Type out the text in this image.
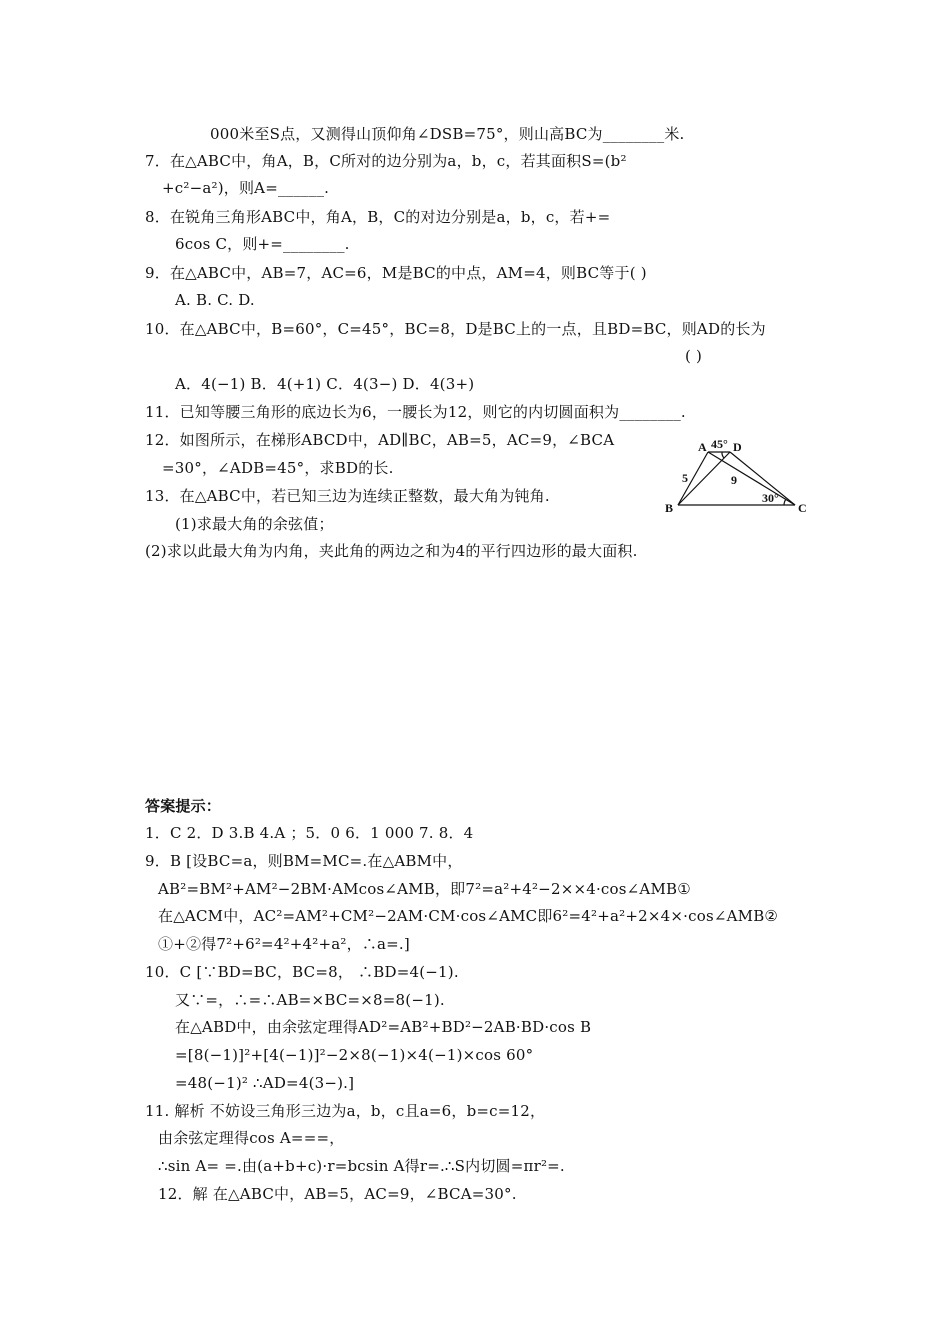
000米至S点，又测得山顶仰角∠DSB=75°，则山高BC为________米.
7．在△ABC中，角A，B，C所对的边分别为a，b，c，若其面积S=(b²
+c²−a²)，则A=______.
8．在锐角三角形ABC中，角A，B，C的对边分别是a，b，c，若+=
6cos C，则+=________.
9．在△ABC中，AB=7，AC=6，M是BC的中点，AM=4，则BC等于( )
A. B. C. D.
10．在△ABC中，B=60°，C=45°，BC=8，D是BC上的一点，且BD=BC，则AD的长为
( )
A．4(−1) B．4(+1) C．4(3−) D．4(3+)
11．已知等腰三角形的底边长为6，一腰长为12，则它的内切圆面积为________.
12．如图所示，在梯形ABCD中，AD∥BC，AB=5，AC=9，∠BCA
=30°，∠ADB=45°，求BD的长.
13．在△ABC中，若已知三边为连续正整数，最大角为钝角.
(1)求最大角的余弦值；
(2)求以此最大角为内角，夹此角的两边之和为4的平行四边形的最大面积.
A 45° D
5	9
B
30°
C
答案提示：
1．C 2．D 3.B 4.A ；5．0 6．1 000 7. 8．4
9．B [设BC=a，则BM=MC=.在△ABM中，
AB²=BM²+AM²−2BM·AMcos∠AMB，即7²=a²+4²−2××4·cos∠AMB①
在△ACM中，AC²=AM²+CM²−2AM·CM·cos∠AMC即6²=4²+a²+2×4×·cos∠AMB②
①+②得7²+6²=4²+4²+a²，∴a=.]
10．C [∵BD=BC，BC=8， ∴BD=4(−1).
又∵=，∴=∴AB=×BC=×8=8(−1).
在△ABD中，由余弦定理得AD²=AB²+BD²−2AB·BD·cos B
=[8(−1)]²+[4(−1)]²−2×8(−1)×4(−1)×cos 60°
=48(−1)² ∴AD=4(3−).]
11. 解析 不妨设三角形三边为a，b，c且a=6，b=c=12，
由余弦定理得cos A===，
∴sin A= =.由(a+b+c)·r=bcsin A得r=.∴S内切圆=πr²=.
12．解 在△ABC中，AB=5，AC=9，∠BCA=30°.
